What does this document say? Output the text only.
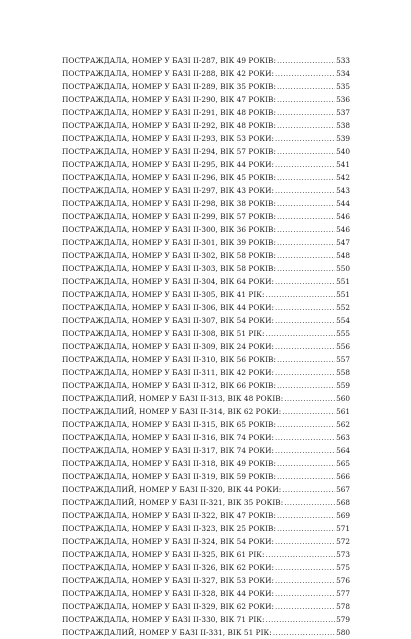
ПОСТРАЖДАЛА, НОМЕР У БАЗІ II-287, ВІК 49 РОКІВ: .....	533
ПОСТРАЖДАЛА, НОМЕР У БАЗІ II-288, ВІК 42 РОКИ: .....	534
ПОСТРАЖДАЛА, НОМЕР У БАЗІ II-289, ВІК 35 РОКІВ: .....	535
ПОСТРАЖДАЛА, НОМЕР У БАЗІ II-290, ВІК 47 РОКІВ: .....	536
ПОСТРАЖДАЛА, НОМЕР У БАЗІ II-291, ВІК 48 РОКІВ: .....	537
ПОСТРАЖДАЛА, НОМЕР У БАЗІ II-292, ВІК 48 РОКІВ: .....	538
ПОСТРАЖДАЛА, НОМЕР У БАЗІ II-293, ВІК 53 РОКИ: .....	539
ПОСТРАЖДАЛА, НОМЕР У БАЗІ II-294, ВІК 57 РОКІВ: .....	540
ПОСТРАЖДАЛА, НОМЕР У БАЗІ II-295, ВІК 44 РОКИ: .....	541
ПОСТРАЖДАЛА, НОМЕР У БАЗІ II-296, ВІК 45 РОКІВ: .....	542
ПОСТРАЖДАЛА, НОМЕР У БАЗІ II-297, ВІК 43 РОКИ: .....	543
ПОСТРАЖДАЛА, НОМЕР У БАЗІ II-298, ВІК 38 РОКІВ: .....	544
ПОСТРАЖДАЛА, НОМЕР У БАЗІ II-299, ВІК 57 РОКІВ: .....	546
ПОСТРАЖДАЛА, НОМЕР У БАЗІ II-300, ВІК 36 РОКІВ: .....	546
ПОСТРАЖДАЛА, НОМЕР У БАЗІ II-301, ВІК 39 РОКІВ: .....	547
ПОСТРАЖДАЛА, НОМЕР У БАЗІ II-302, ВІК 58 РОКІВ: .....	548
ПОСТРАЖДАЛА, НОМЕР У БАЗІ II-303, ВІК 58 РОКІВ: .....	550
ПОСТРАЖДАЛА, НОМЕР У БАЗІ II-304, ВІК 64 РОКИ: .....	551
ПОСТРАЖДАЛА, НОМЕР У БАЗІ II-305, ВІК 41 РІК: .....	551
ПОСТРАЖДАЛА, НОМЕР У БАЗІ II-306, ВІК 44 РОКИ: .....	552
ПОСТРАЖДАЛА, НОМЕР У БАЗІ II-307, ВІК 54 РОКИ: .....	554
ПОСТРАЖДАЛА, НОМЕР У БАЗІ II-308, ВІК 51 РІК: .....	555
ПОСТРАЖДАЛА, НОМЕР У БАЗІ II-309, ВІК 24 РОКИ: .....	556
ПОСТРАЖДАЛА, НОМЕР У БАЗІ II-310, ВІК 56 РОКІВ: .....	557
ПОСТРАЖДАЛА, НОМЕР У БАЗІ II-311, ВІК 42 РОКИ: .....	558
ПОСТРАЖДАЛА, НОМЕР У БАЗІ II-312, ВІК 66 РОКІВ: .....	559
ПОСТРАЖДАЛИЙ, НОМЕР У БАЗІ II-313, ВІК 48 РОКІВ: .....	560
ПОСТРАЖДАЛИЙ, НОМЕР У БАЗІ II-314, ВІК 62 РОКИ: .....	561
ПОСТРАЖДАЛА, НОМЕР У БАЗІ II-315, ВІК 65 РОКІВ: .....	562
ПОСТРАЖДАЛА, НОМЕР У БАЗІ II-316, ВІК 74 РОКИ: .....	563
ПОСТРАЖДАЛА, НОМЕР У БАЗІ II-317, ВІК 74 РОКИ: .....	564
ПОСТРАЖДАЛА, НОМЕР У БАЗІ II-318, ВІК 49 РОКІВ: .....	565
ПОСТРАЖДАЛА, НОМЕР У БАЗІ II-319, ВІК 59 РОКІВ: .....	566
ПОСТРАЖДАЛИЙ, НОМЕР У БАЗІ II-320, ВІК 44 РОКИ: .....	567
ПОСТРАЖДАЛИЙ, НОМЕР У БАЗІ II-321, ВІК 35 РОКІВ: .....	568
ПОСТРАЖДАЛА, НОМЕР У БАЗІ II-322, ВІК 47 РОКІВ: .....	569
ПОСТРАЖДАЛА, НОМЕР У БАЗІ II-323, ВІК 25 РОКІВ: .....	571
ПОСТРАЖДАЛА, НОМЕР У БАЗІ II-324, ВІК 54 РОКИ: .....	572
ПОСТРАЖДАЛА, НОМЕР У БАЗІ II-325, ВІК 61 РІК: .....	573
ПОСТРАЖДАЛА, НОМЕР У БАЗІ II-326, ВІК 62 РОКИ: .....	575
ПОСТРАЖДАЛА, НОМЕР У БАЗІ II-327, ВІК 53 РОКИ: .....	576
ПОСТРАЖДАЛА, НОМЕР У БАЗІ II-328, ВІК 44 РОКИ: .....	577
ПОСТРАЖДАЛА, НОМЕР У БАЗІ II-329, ВІК 62 РОКИ: .....	578
ПОСТРАЖДАЛА, НОМЕР У БАЗІ II-330, ВІК 71 РІК: .....	579
ПОСТРАЖДАЛИЙ, НОМЕР У БАЗІ II-331, ВІК 51 РІК: .....	580
